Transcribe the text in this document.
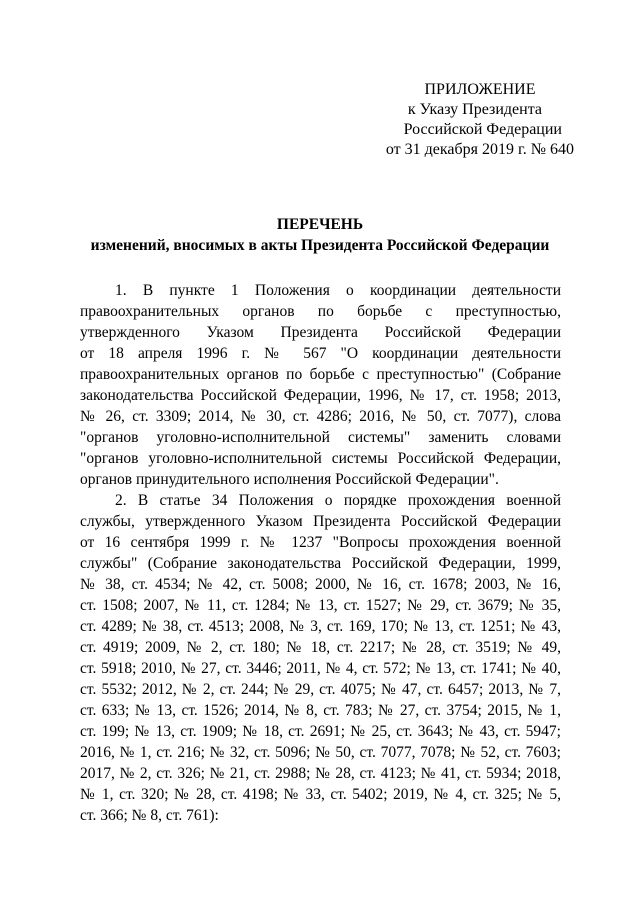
ПРИЛОЖЕНИЕ
к Указу Президента
Российской Федерации
от 31 декабря 2019 г. № 640
ПЕРЕЧЕНЬ
изменений, вносимых в акты Президента Российской Федерации
1. В пункте 1 Положения о координации деятельности
правоохранительных органов по борьбе с преступностью,
утвержденного Указом Президента Российской Федерации
от 18 апреля 1996 г. № 567 "О координации деятельности
правоохранительных органов по борьбе с преступностью" (Собрание
законодательства Российской Федерации, 1996, № 17, ст. 1958; 2013,
№ 26, ст. 3309; 2014, № 30, ст. 4286; 2016, № 50, ст. 7077), слова
"органов уголовно-исполнительной системы" заменить словами
"органов уголовно-исполнительной системы Российской Федерации,
органов принудительного исполнения Российской Федерации".
2. В статье 34 Положения о порядке прохождения военной
службы, утвержденного Указом Президента Российской Федерации
от 16 сентября 1999 г. № 1237 "Вопросы прохождения военной
службы" (Собрание законодательства Российской Федерации, 1999,
№ 38, ст. 4534; № 42, ст. 5008; 2000, № 16, ст. 1678; 2003, № 16,
ст. 1508; 2007, № 11, ст. 1284; № 13, ст. 1527; № 29, ст. 3679; № 35,
ст. 4289; № 38, ст. 4513; 2008, № 3, ст. 169, 170; № 13, ст. 1251; № 43,
ст. 4919; 2009, № 2, ст. 180; № 18, ст. 2217; № 28, ст. 3519; № 49,
ст. 5918; 2010, № 27, ст. 3446; 2011, № 4, ст. 572; № 13, ст. 1741; № 40,
ст. 5532; 2012, № 2, ст. 244; № 29, ст. 4075; № 47, ст. 6457; 2013, № 7,
ст. 633; № 13, ст. 1526; 2014, № 8, ст. 783; № 27, ст. 3754; 2015, № 1,
ст. 199; № 13, ст. 1909; № 18, ст. 2691; № 25, ст. 3643; № 43, ст. 5947;
2016, № 1, ст. 216; № 32, ст. 5096; № 50, ст. 7077, 7078; № 52, ст. 7603;
2017, № 2, ст. 326; № 21, ст. 2988; № 28, ст. 4123; № 41, ст. 5934; 2018,
№ 1, ст. 320; № 28, ст. 4198; № 33, ст. 5402; 2019, № 4, ст. 325; № 5,
ст. 366; № 8, ст. 761):
